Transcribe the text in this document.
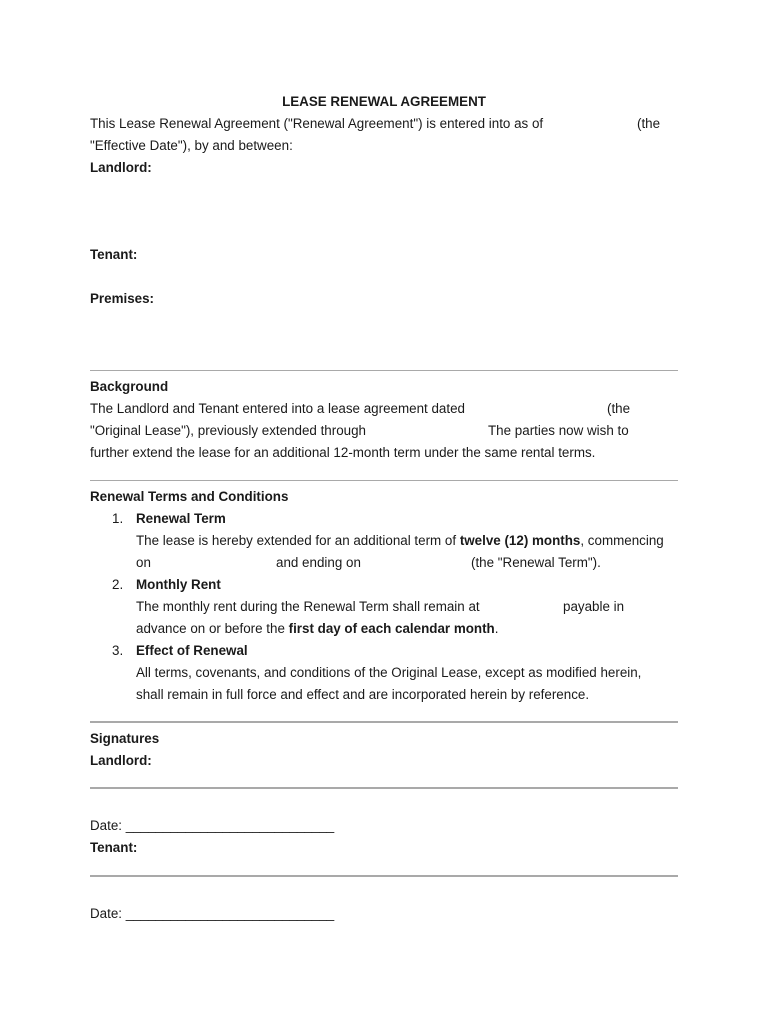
LEASE RENEWAL AGREEMENT
This Lease Renewal Agreement ("Renewal Agreement") is entered into as of	(the
"Effective Date"), by and between:
Landlord:
Tenant:
Premises:
Background
The Landlord and Tenant entered into a lease agreement dated	(the
"Original Lease"), previously extended through	The parties now wish to
further extend the lease for an additional 12-month term under the same rental terms.
Renewal Terms and Conditions
1. Renewal Term
The lease is hereby extended for an additional term of twelve (12) months, commencing
on	and ending on	(the "Renewal Term").
2. Monthly Rent
The monthly rent during the Renewal Term shall remain at	payable in
advance on or before the first day of each calendar month.
3. Effect of Renewal
All terms, covenants, and conditions of the Original Lease, except as modified herein,
shall remain in full force and effect and are incorporated herein by reference.
Signatures
Landlord:
Date: ____________________________
Tenant:
Date: ____________________________
